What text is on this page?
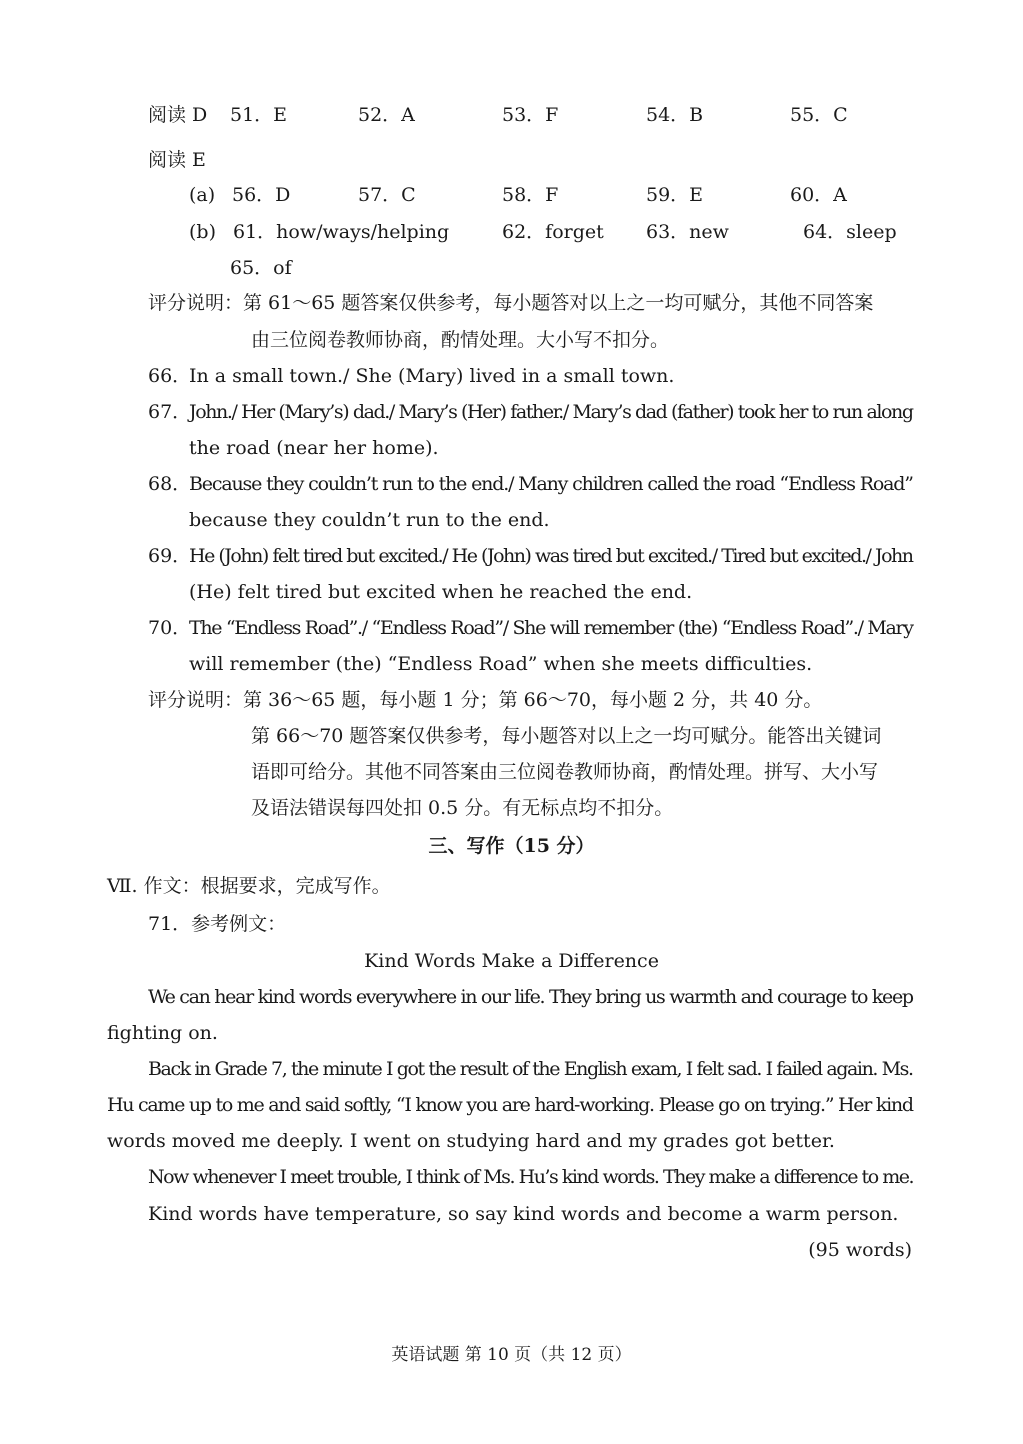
阅读 D 51．E	52．A	53．F	54．B	55．C
阅读 E
(a) 56．D	57．C	58．F	59．E	60．A
(b) 61．how/ways/helping	62．forget 63．new	64．sleep
65．of
评分说明：第 61～65 题答案仅供参考，每小题答对以上之一均可赋分，其他不同答案
由三位阅卷教师协商，酌情处理。大小写不扣分。
66．
In a small town./ She (Mary) lived in a small town.
67．
John./ Her (Mary’s) dad./ Mary’s (Her) father./ Mary’s dad (father) took her to run along
the road (near her home).
68．
Because they couldn’t run to the end./ Many children called the road “Endless Road”
because they couldn’t run to the end.
69．
He (John) felt tired but excited./ He (John) was tired but excited./ Tired but excited./ John
(He) felt tired but excited when he reached the end.
70．
The “Endless Road”./ “Endless Road”/ She will remember (the) “Endless Road”./ Mary
will remember (the) “Endless Road” when she meets difficulties.
评分说明：第 36～65 题，每小题 1 分；第 66～70，每小题 2 分，共 40 分。
第 66～70 题答案仅供参考，每小题答对以上之一均可赋分。能答出关键词
语即可给分。其他不同答案由三位阅卷教师协商，酌情处理。拼写、大小写
及语法错误每四处扣 0.5 分。有无标点均不扣分。
三、写作（15 分）
Ⅶ. 作文：根据要求，完成写作。
71．参考例文：
Kind Words Make a Difference
We can hear kind words everywhere in our life. They bring us warmth and courage to keep
fighting on.
Back in Grade 7, the minute I got the result of the English exam, I felt sad. I failed again. Ms.
Hu came up to me and said softly, “I know you are hard-working. Please go on trying.” Her kind
words moved me deeply. I went on studying hard and my grades got better.
Now whenever I meet trouble, I think of Ms. Hu’s kind words. They make a difference to me.
Kind words have temperature, so say kind words and become a warm person.
(95 words)
英语试题 第 10 页（共 12 页）
